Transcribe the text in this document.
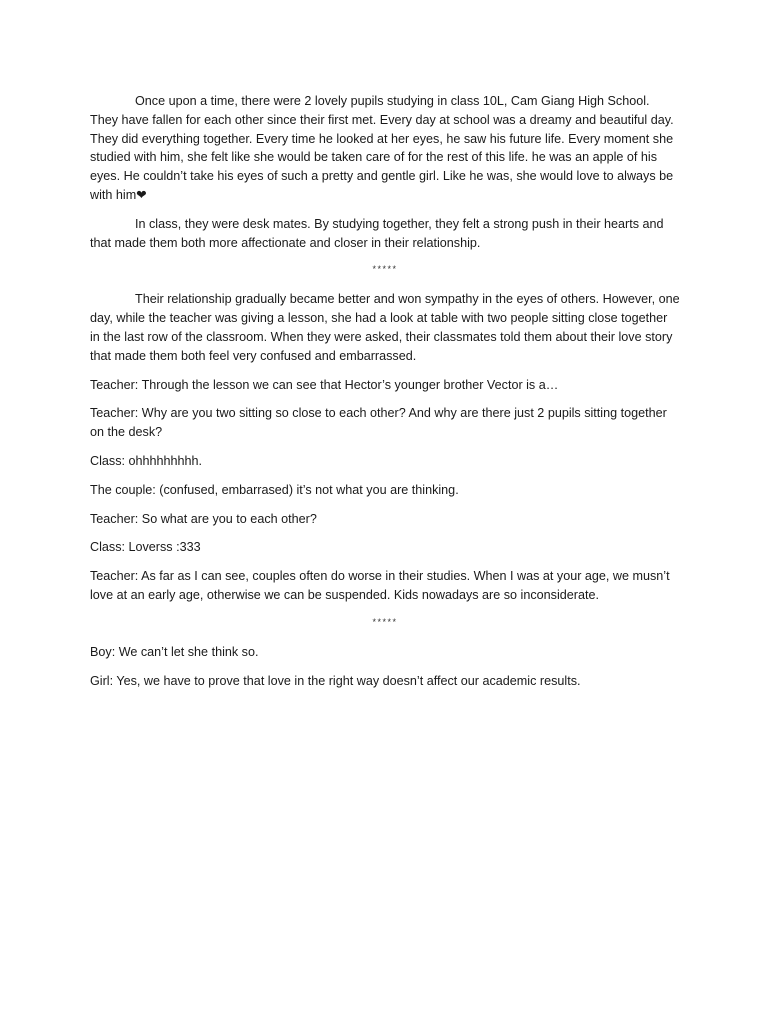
Once upon a time, there were 2 lovely pupils studying in class 10L, Cam Giang High School. They have fallen for each other since their first met. Every day at school was a dreamy and beautiful day. They did everything together. Every time he looked at her eyes, he saw his future life. Every moment she studied with him, she felt like she would be taken care of for the rest of this life. he was an apple of his eyes. He couldn’t take his eyes of such a pretty and gentle girl. Like he was, she would love to always be with him❤

In class, they were desk mates. By studying together, they felt a strong push in their hearts and that made them both more affectionate and closer in their relationship.

*****

Their relationship gradually became better and won sympathy in the eyes of others. However, one day, while the teacher was giving a lesson, she had a look at table with two people sitting close together in the last row of the classroom. When they were asked, their classmates told them about their love story that made them both feel very confused and embarrassed.

Teacher: Through the lesson we can see that Hector’s younger brother Vector is a…

Teacher: Why are you two sitting so close to each other? And why are there just 2 pupils sitting together on the desk?

Class: ohhhhhhhhh.

The couple: (confused, embarrased) it’s not what you are thinking.

Teacher: So what are you to each other?

Class: Loverss :333

Teacher: As far as I can see, couples often do worse in their studies. When I was at your age, we musn’t love at an early age, otherwise we can be suspended. Kids nowadays are so inconsiderate.

*****

Boy: We can’t let she think so.

Girl: Yes, we have to prove that love in the right way doesn’t affect our academic results.
